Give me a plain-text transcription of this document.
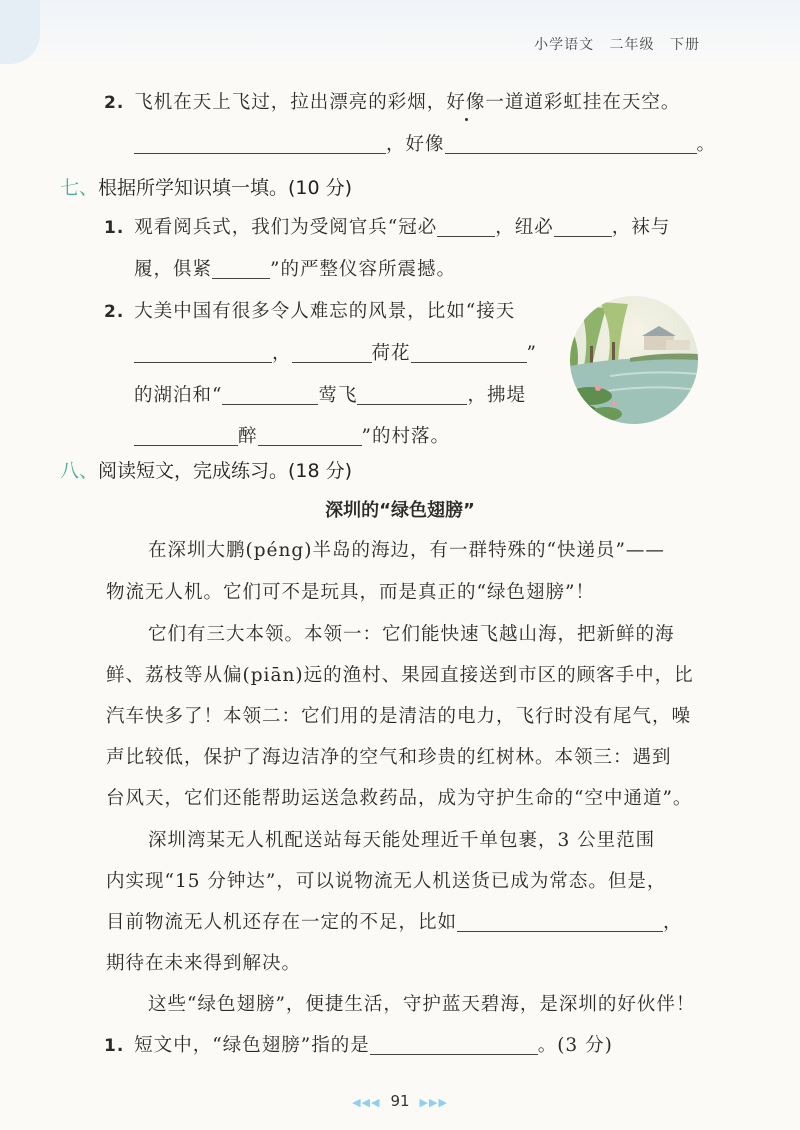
小学语文 二年级 下册
2. 飞机在天上飞过，拉出漂亮的彩烟，好像一道道彩虹挂在天空。
，好像	。
七、根据所学知识填一填。(10 分)
1. 观看阅兵式，我们为受阅官兵“冠必	，纽必	，袜与
履，俱紧	”的严整仪容所震撼。
2. 大美中国有很多令人难忘的风景，比如“接天
，	荷花	”
的湖泊和“	莺飞	，拂堤
醉	”的村落。
八、阅读短文，完成练习。(18 分)
深圳的“绿色翅膀”
在深圳大鹏(péng)半岛的海边，有一群特殊的“快递员”——
物流无人机。它们可不是玩具，而是真正的“绿色翅膀”！
它们有三大本领。本领一：它们能快速飞越山海，把新鲜的海
鲜、荔枝等从偏(piān)远的渔村、果园直接送到市区的顾客手中，比
汽车快多了！本领二：它们用的是清洁的电力，飞行时没有尾气，噪
声比较低，保护了海边洁净的空气和珍贵的红树林。本领三：遇到
台风天，它们还能帮助运送急救药品，成为守护生命的“空中通道”。
深圳湾某无人机配送站每天能处理近千单包裹，3 公里范围
内实现“15 分钟达”，可以说物流无人机送货已成为常态。但是，
目前物流无人机还存在一定的不足，比如	，
期待在未来得到解决。
这些“绿色翅膀”，便捷生活，守护蓝天碧海，是深圳的好伙伴！
1. 短文中，“绿色翅膀”指的是	。(3 分)
◀◀◀ 91 ▶▶▶
